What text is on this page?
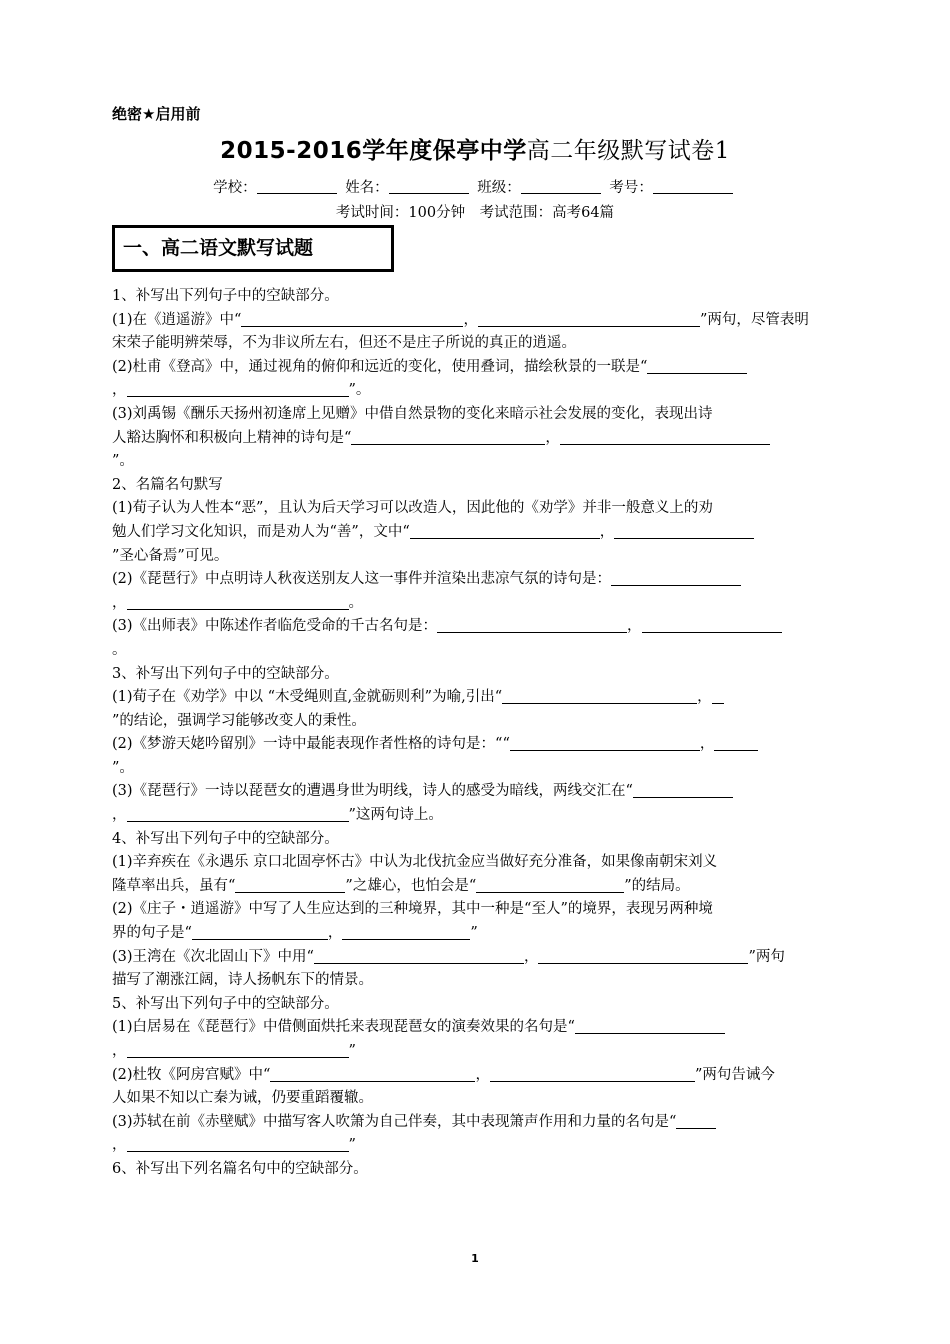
绝密★启用前
2015-2016学年度保亭中学高二年级默写试卷1
学校：	姓名：	班级：	考号：
考试时间：100分钟　考试范围：高考64篇
一、高二语文默写试题
1、补写出下列句子中的空缺部分。
(1)在《逍遥游》中“	，	”两句，尽管表明
宋荣子能明辨荣辱，不为非议所左右，但还不是庄子所说的真正的逍遥。
(2)杜甫《登高》中，通过视角的俯仰和远近的变化，使用叠词，描绘秋景的一联是“
，	”。
(3)刘禹锡《酬乐天扬州初逢席上见赠》中借自然景物的变化来暗示社会发展的变化，表现出诗
人豁达胸怀和积极向上精神的诗句是“	，
”。
2、名篇名句默写
(1)荀子认为人性本“恶”，且认为后天学习可以改造人，因此他的《劝学》并非一般意义上的劝
勉人们学习文化知识，而是劝人为“善”，文中“	，
”圣心备焉”可见。
(2)《琵琶行》中点明诗人秋夜送别友人这一事件并渲染出悲凉气氛的诗句是：
，	。
(3)《出师表》中陈述作者临危受命的千古名句是：	，
。
3、补写出下列句子中的空缺部分。
(1)荀子在《劝学》中以 “木受绳则直,金就砺则利”为喻,引出“	，
”的结论，强调学习能够改变人的秉性。
(2)《梦游天姥吟留别》一诗中最能表现作者性格的诗句是：““	，
”。
(3)《琵琶行》一诗以琵琶女的遭遇身世为明线，诗人的感受为暗线，两线交汇在“
，	”这两句诗上。
4、补写出下列句子中的空缺部分。
(1)辛弃疾在《永遇乐 京口北固亭怀古》中认为北伐抗金应当做好充分准备，如果像南朝宋刘义
隆草率出兵，虽有“	”之雄心，也怕会是“	”的结局。
(2)《庄子・逍遥游》中写了人生应达到的三种境界，其中一种是“至人”的境界，表现另两种境
界的句子是“	，	”
(3)王湾在《次北固山下》中用“	，	”两句
描写了潮涨江阔，诗人扬帆东下的情景。
5、补写出下列句子中的空缺部分。
(1)白居易在《琵琶行》中借侧面烘托来表现琵琶女的演奏效果的名句是“
，	”
(2)杜牧《阿房宫赋》中“	，	”两句告诫今
人如果不知以亡秦为诫，仍要重蹈覆辙。
(3)苏轼在前《赤壁赋》中描写客人吹箫为自己伴奏，其中表现箫声作用和力量的名句是“
，	”
6、补写出下列名篇名句中的空缺部分。
1
